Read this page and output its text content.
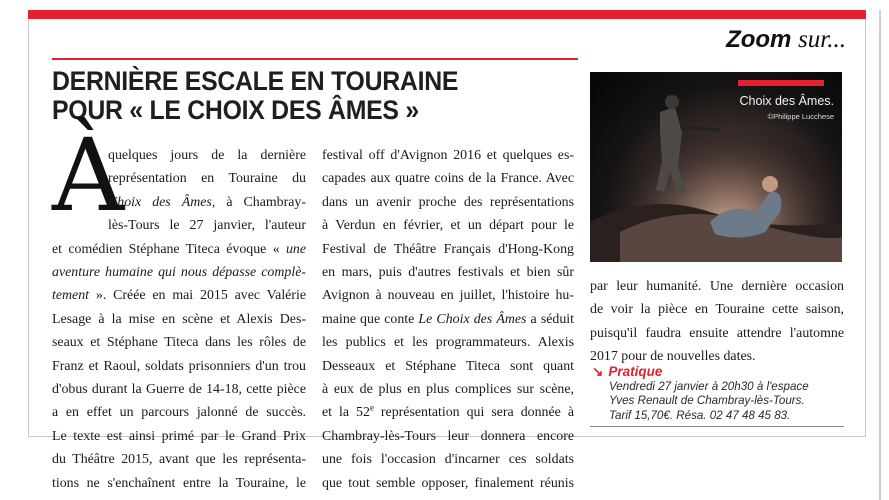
Zoom sur...
DERNIÈRE ESCALE EN TOURAINE
POUR « LE CHOIX DES ÂMES »
À
quelques jours de la dernière
représentation en Touraine du
Choix des Âmes, à Chambray-
lès-Tours le 27 janvier, l'auteur
et comédien Stéphane Titeca évoque « une
aventure humaine qui nous dépasse complè-
tement ». Créée en mai 2015 avec Valérie
Lesage à la mise en scène et Alexis Des-
seaux et Stéphane Titeca dans les rôles de
Franz et Raoul, soldats prisonniers d'un trou
d'obus durant la Guerre de 14-18, cette pièce
a en effet un parcours jalonné de succès.
Le texte est ainsi primé par le Grand Prix
du Théâtre 2015, avant que les représenta-
tions ne s'enchaînent entre la Touraine, le
festival off d'Avignon 2016 et quelques es-
capades aux quatre coins de la France. Avec
dans un avenir proche des représentations
à Verdun en février, et un départ pour le
Festival de Théâtre Français d'Hong-Kong
en mars, puis d'autres festivals et bien sûr
Avignon à nouveau en juillet, l'histoire hu-
maine que conte Le Choix des Âmes a séduit
les publics et les programmateurs. Alexis
Desseaux et Stéphane Titeca sont quant
à eux de plus en plus complices sur scène,
et la 52e représentation qui sera donnée à
Chambray-lès-Tours leur donnera encore
une fois l'occasion d'incarner ces soldats
que tout semble opposer, finalement réunis
Choix des Âmes.
©Philippe Lucchese
par leur humanité. Une dernière occasion
de voir la pièce en Touraine cette saison,
puisqu'il faudra ensuite attendre l'automne
2017 pour de nouvelles dates.
↘ Pratique
Vendredi 27 janvier à 20h30 à l'espace
Yves Renault de Chambray-lès-Tours.
Tarif 15,70€. Résa. 02 47 48 45 83.
